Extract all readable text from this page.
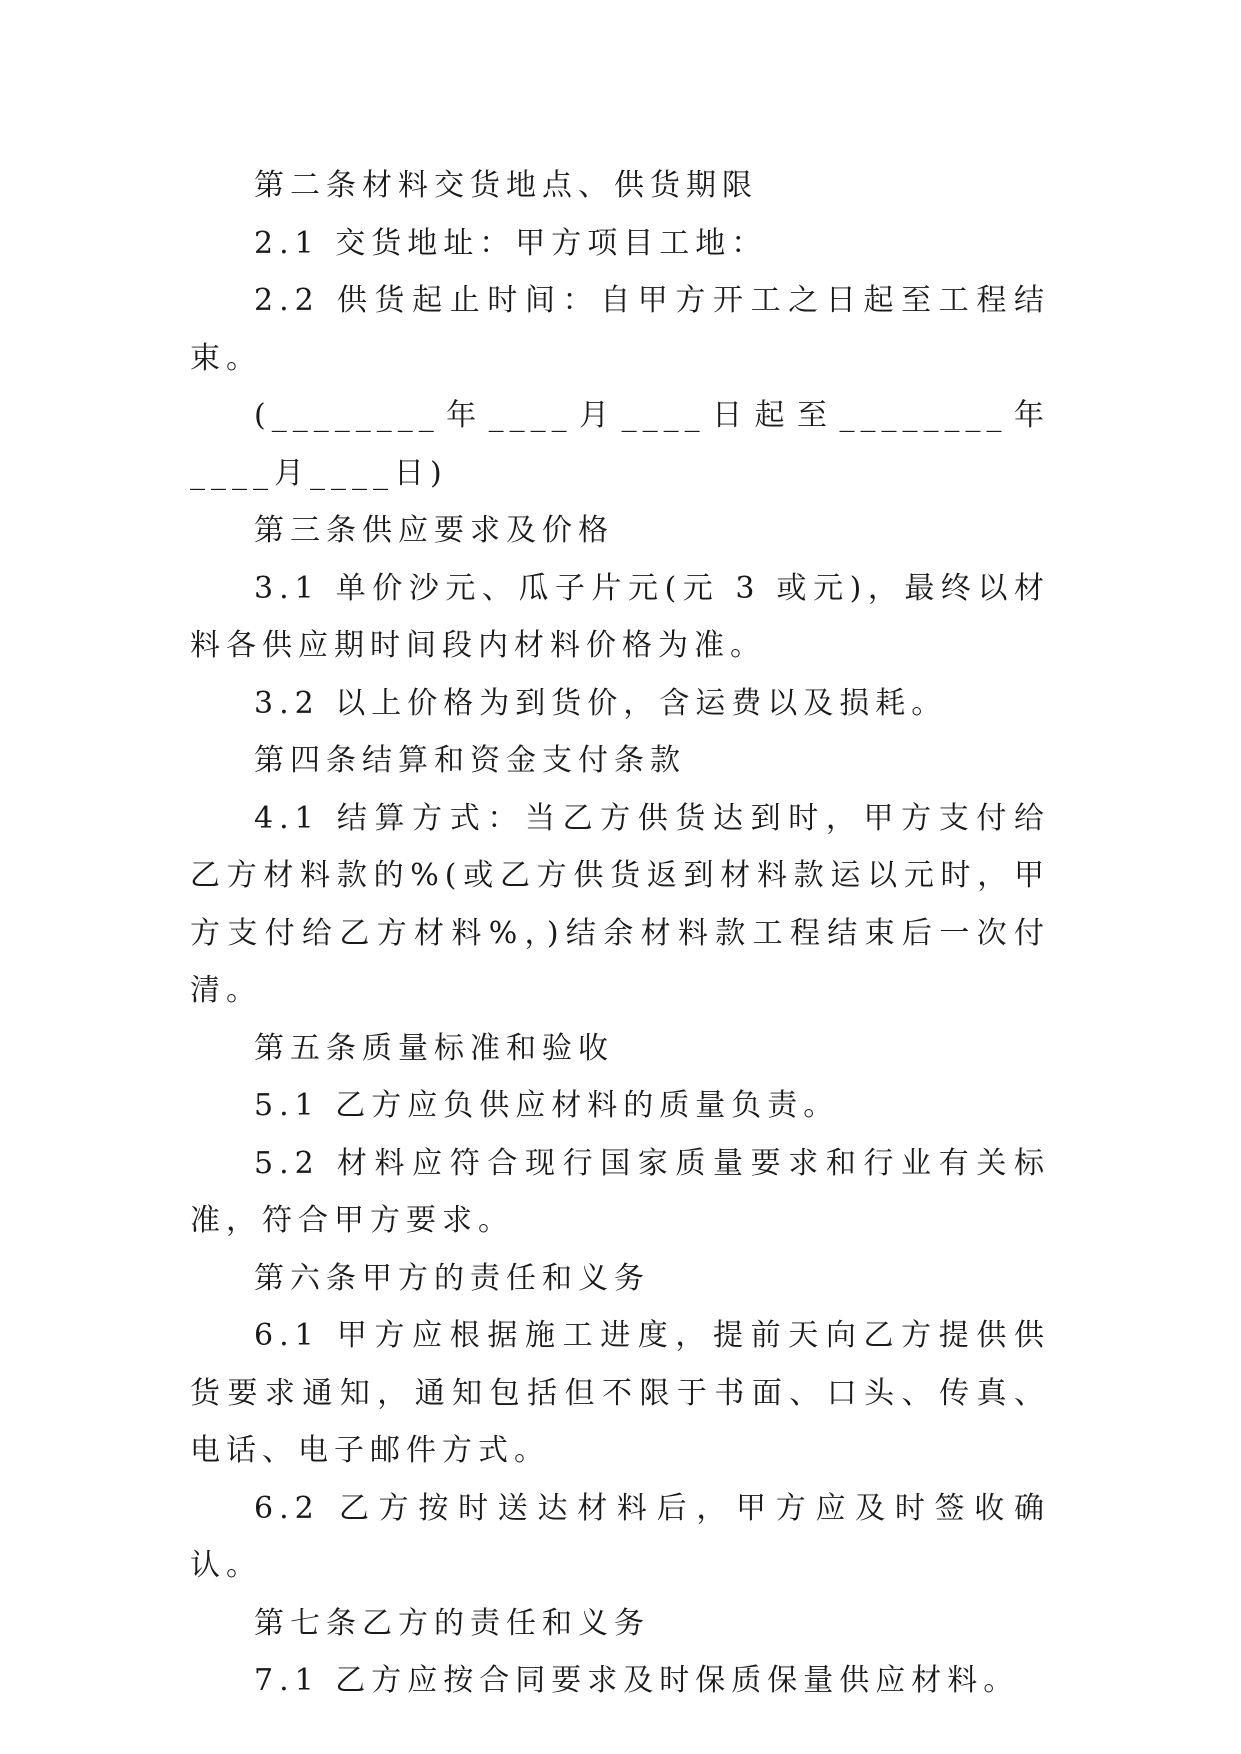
第二条材料交货地点、供货期限

2.1 交货地址：甲方项目工地：

2.2 供货起止时间：自甲方开工之日起至工程结束。

(________年____月____日起至________年____月____日)

第三条供应要求及价格

3.1 单价沙元、瓜子片元(元 3 或元)，最终以材料各供应期时间段内材料价格为准。

3.2 以上价格为到货价，含运费以及损耗。

第四条结算和资金支付条款

4.1 结算方式：当乙方供货达到时，甲方支付给乙方材料款的%(或乙方供货返到材料款运以元时，甲方支付给乙方材料%，)结余材料款工程结束后一次付清。

第五条质量标准和验收

5.1 乙方应负供应材料的质量负责。

5.2 材料应符合现行国家质量要求和行业有关标准，符合甲方要求。

第六条甲方的责任和义务

6.1 甲方应根据施工进度，提前天向乙方提供供货要求通知，通知包括但不限于书面、口头、传真、电话、电子邮件方式。

6.2 乙方按时送达材料后，甲方应及时签收确认。

第七条乙方的责任和义务

7.1 乙方应按合同要求及时保质保量供应材料。
